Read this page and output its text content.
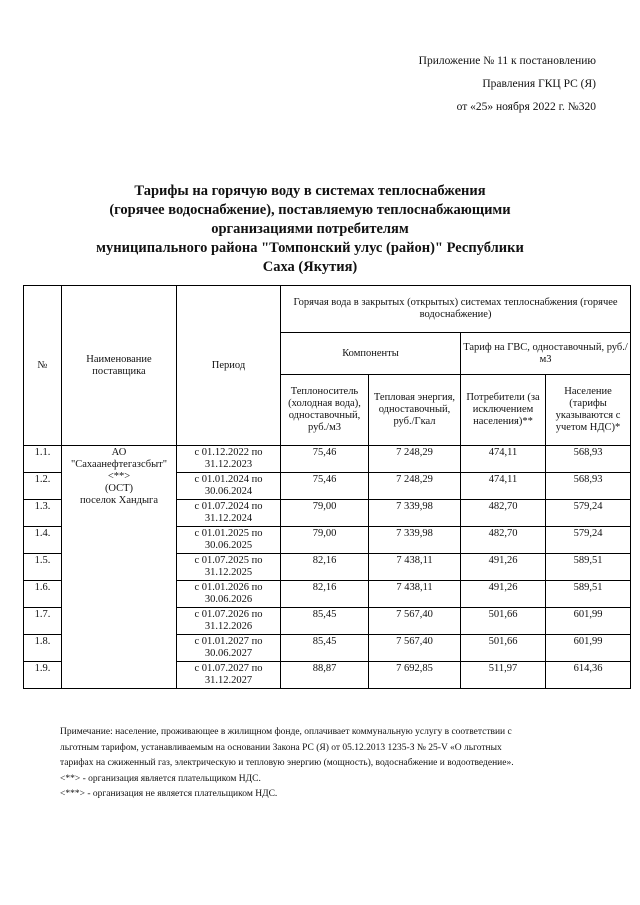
Приложение № 11 к постановлению
Правления ГКЦ РС (Я)
от «25» ноября 2022 г. №320
Тарифы на горячую воду в системах теплоснабжения
(горячее водоснабжение), поставляемую теплоснабжающими
организациями потребителям
муниципального района "Томпонский улус (район)" Республики
Саха (Якутия)
№	Наименование поставщика	Период	Горячая вода в закрытых (открытых) системах теплоснабжения (горячее водоснабжение)			
			Компоненты		Тариф на ГВС, одноставочный, руб./м3	
			Теплоноситель (холодная вода), одноставочный, руб./м3	Тепловая энергия, одноставочный, руб./Гкал	Потребители (за исключением населения)**	Население (тарифы указываются с учетом НДС)*
1.1.	АО
"Сахаанефтегазсбыт"
<**>
(ОСТ)
поселок Хандыга	с 01.12.2022 по 31.12.2023	75,46	7 248,29	474,11	568,93
1.2.		с 01.01.2024 по 30.06.2024	75,46	7 248,29	474,11	568,93
1.3.		с 01.07.2024 по 31.12.2024	79,00	7 339,98	482,70	579,24
1.4.		с 01.01.2025 по 30.06.2025	79,00	7 339,98	482,70	579,24
1.5.		с 01.07.2025 по 31.12.2025	82,16	7 438,11	491,26	589,51
1.6.		с 01.01.2026 по 30.06.2026	82,16	7 438,11	491,26	589,51
1.7.		с 01.07.2026 по 31.12.2026	85,45	7 567,40	501,66	601,99
1.8.		с 01.01.2027 по 30.06.2027	85,45	7 567,40	501,66	601,99
1.9.		с 01.07.2027 по 31.12.2027	88,87	7 692,85	511,97	614,36
Примечание: население, проживающее в жилищном фонде, оплачивает коммунальную услугу в соответствии с
льготным тарифом, устанавливаемым на основании Закона РС (Я) от 05.12.2013 1235-З № 25-V «О льготных
тарифах на сжиженный газ, электрическую и тепловую энергию (мощность), водоснабжение и водоотведение».
<**> - организация является плательщиком НДС.
<***> - организация не является плательщиком НДС.
